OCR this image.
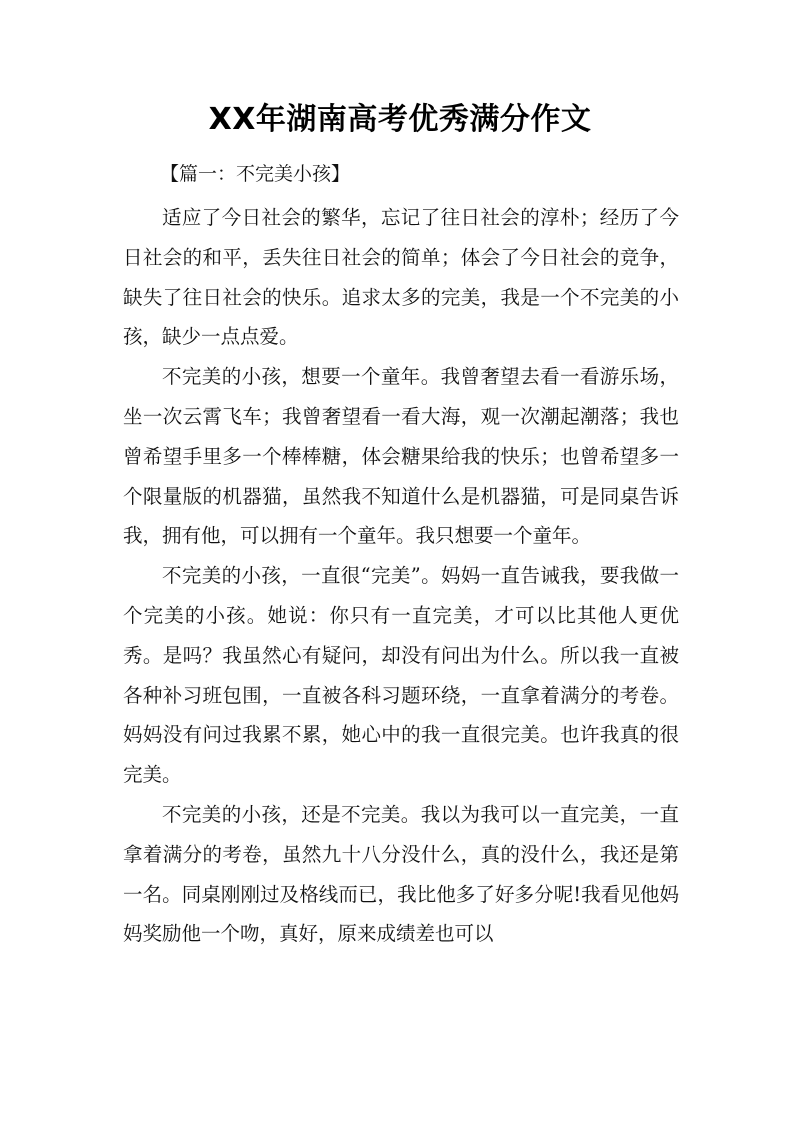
XX年湖南高考优秀满分作文
【篇一：不完美小孩】

适应了今日社会的繁华，忘记了往日社会的淳朴；经历了今日社会的和平，丢失往日社会的简单；体会了今日社会的竞争，缺失了往日社会的快乐。追求太多的完美，我是一个不完美的小孩，缺少一点点爱。

不完美的小孩，想要一个童年。我曾奢望去看一看游乐场，坐一次云霄飞车；我曾奢望看一看大海，观一次潮起潮落；我也曾希望手里多一个棒棒糖，体会糖果给我的快乐；也曾希望多一个限量版的机器猫，虽然我不知道什么是机器猫，可是同桌告诉我，拥有他，可以拥有一个童年。我只想要一个童年。

不完美的小孩，一直很“完美”。妈妈一直告诫我，要我做一个完美的小孩。她说：你只有一直完美，才可以比其他人更优秀。是吗？我虽然心有疑问，却没有问出为什么。所以我一直被各种补习班包围，一直被各科习题环绕，一直拿着满分的考卷。妈妈没有问过我累不累，她心中的我一直很完美。也许我真的很完美。

不完美的小孩，还是不完美。我以为我可以一直完美，一直拿着满分的考卷，虽然九十八分没什么，真的没什么，我还是第一名。同桌刚刚过及格线而已，我比他多了好多分呢!我看见他妈妈奖励他一个吻，真好，原来成绩差也可以
